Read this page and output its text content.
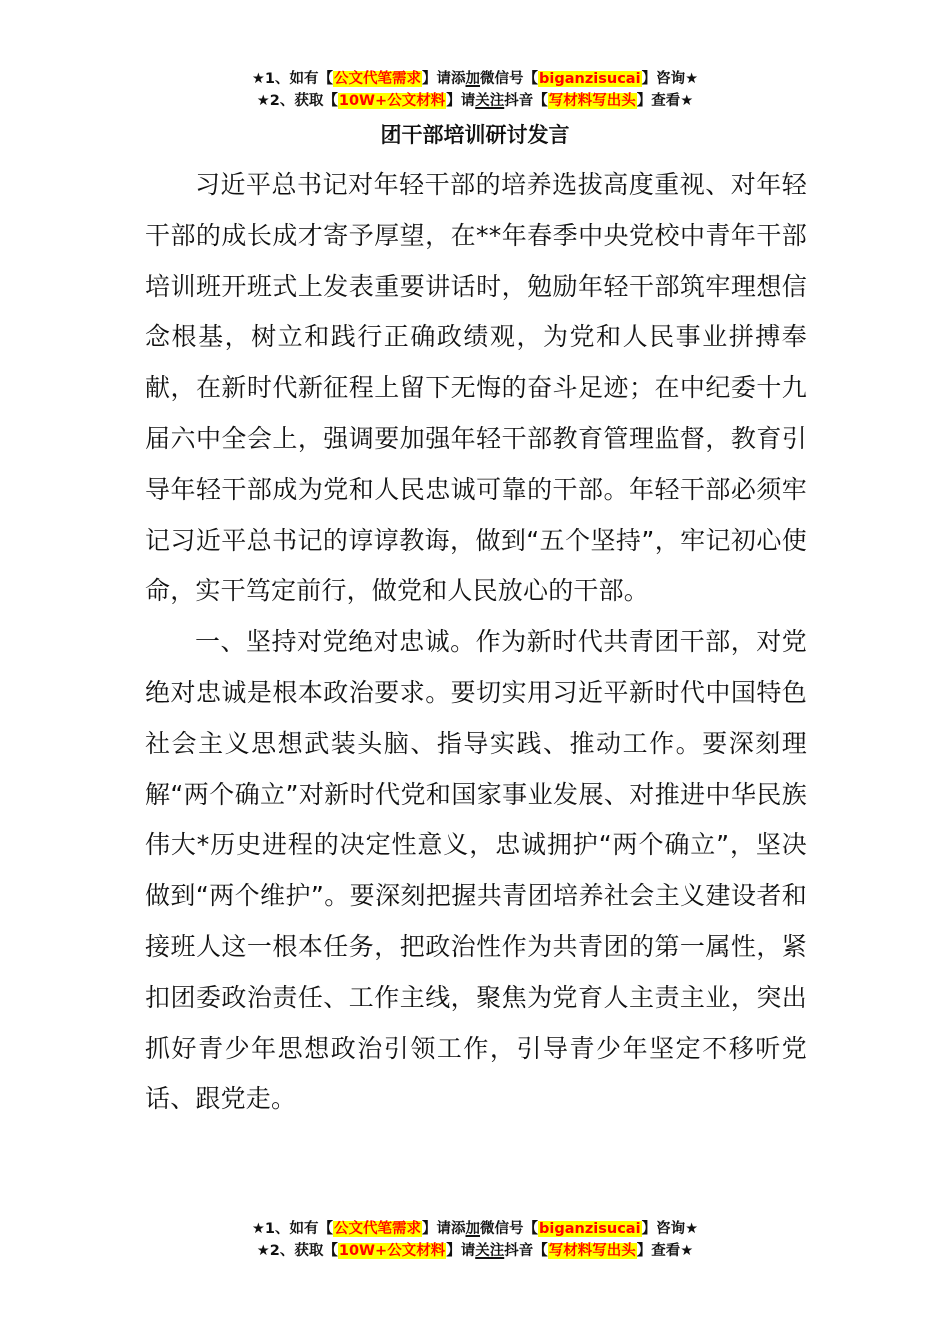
★1、如有【公文代笔需求】请添加微信号【biganzisucai】咨询★
★2、获取【10W+公文材料】请关注抖音【写材料写出头】查看★
团干部培训研讨发言

习近平总书记对年轻干部的培养选拔高度重视、对年轻干部的成长成才寄予厚望，在**年春季中央党校中青年干部培训班开班式上发表重要讲话时，勉励年轻干部筑牢理想信念根基，树立和践行正确政绩观，为党和人民事业拼搏奉献，在新时代新征程上留下无悔的奋斗足迹；在中纪委十九届六中全会上，强调要加强年轻干部教育管理监督，教育引导年轻干部成为党和人民忠诚可靠的干部。年轻干部必须牢记习近平总书记的谆谆教诲，做到“五个坚持”，牢记初心使命，实干笃定前行，做党和人民放心的干部。

一、坚持对党绝对忠诚。作为新时代共青团干部，对党绝对忠诚是根本政治要求。要切实用习近平新时代中国特色社会主义思想武装头脑、指导实践、推动工作。要深刻理解“两个确立”对新时代党和国家事业发展、对推进中华民族伟大*历史进程的决定性意义，忠诚拥护“两个确立”，坚决做到“两个维护”。要深刻把握共青团培养社会主义建设者和接班人这一根本任务，把政治性作为共青团的第一属性，紧扣团委政治责任、工作主线，聚焦为党育人主责主业，突出抓好青少年思想政治引领工作，引导青少年坚定不移听党话、跟党走。

★1、如有【公文代笔需求】请添加微信号【biganzisucai】咨询★
★2、获取【10W+公文材料】请关注抖音【写材料写出头】查看★
